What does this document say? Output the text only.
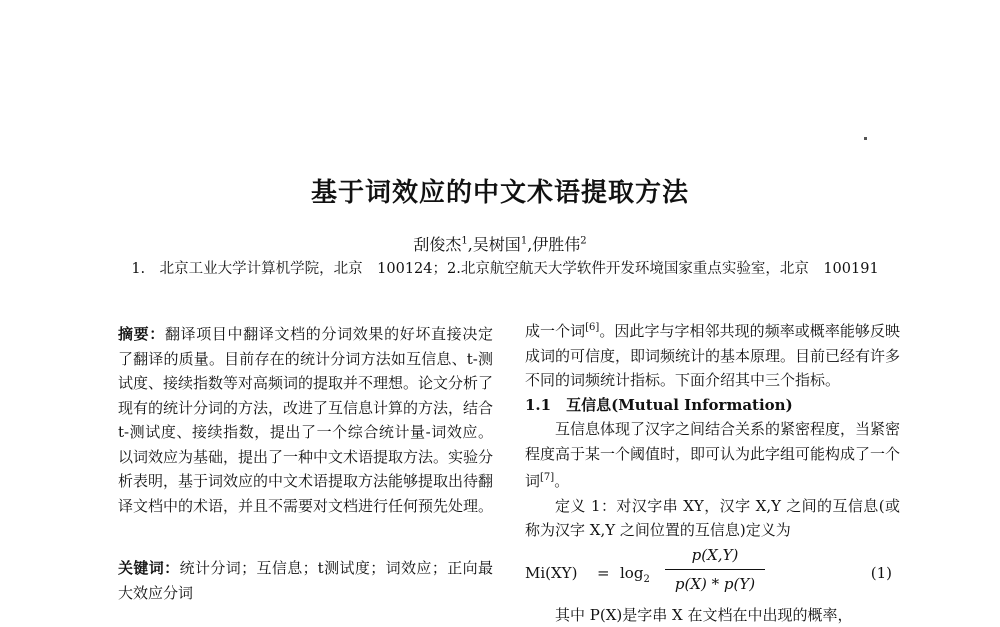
基于词效应的中文术语提取方法
刮俊杰$^1$,吴树国$^1$,伊胜伟$^2$
1.　北京工业大学计算机学院，北京　100124；2.北京航空航天大学软件开发环境国家重点实验室，北京　100191

摘要：翻译项目中翻译文档的分词效果的好坏直接决定了翻译的质量。目前存在的统计分词方法如互信息、t-测试度、接续指数等对高频词的提取并不理想。论文分析了现有的统计分词的方法，改进了互信息计算的方法，结合t-测试度、接续指数，提出了一个综合统计量-词效应。以词效应为基础，提出了一种中文术语提取方法。实验分析表明，基于词效应的中文术语提取方法能够提取出待翻译文档中的术语，并且不需要对文档进行任何预先处理。

关键词：统计分词；互信息；t测试度；词效应；正向最大效应分词

成一个词[6]。因此字与字相邻共现的频率或概率能够反映成词的可信度，即词频统计的基本原理。目前已经有许多不同的词频统计指标。下面介绍其中三个指标。

1.1　互信息(Mutual Information)

互信息体现了汉字之间结合关系的紧密程度，当紧密程度高于某一个阈值时，即可认为此字组可能构成了一个词[7]。

定义 1：对汉字串 XY，汉字 X,Y 之间的互信息(或称为汉字 X,Y 之间位置的互信息)定义为

$Mi(XY) = \log_2 \frac{p(X,Y)}{p(X) * p(Y)}$	(1)

其中 P(X)是字串 X 在文档在中出现的概率，
